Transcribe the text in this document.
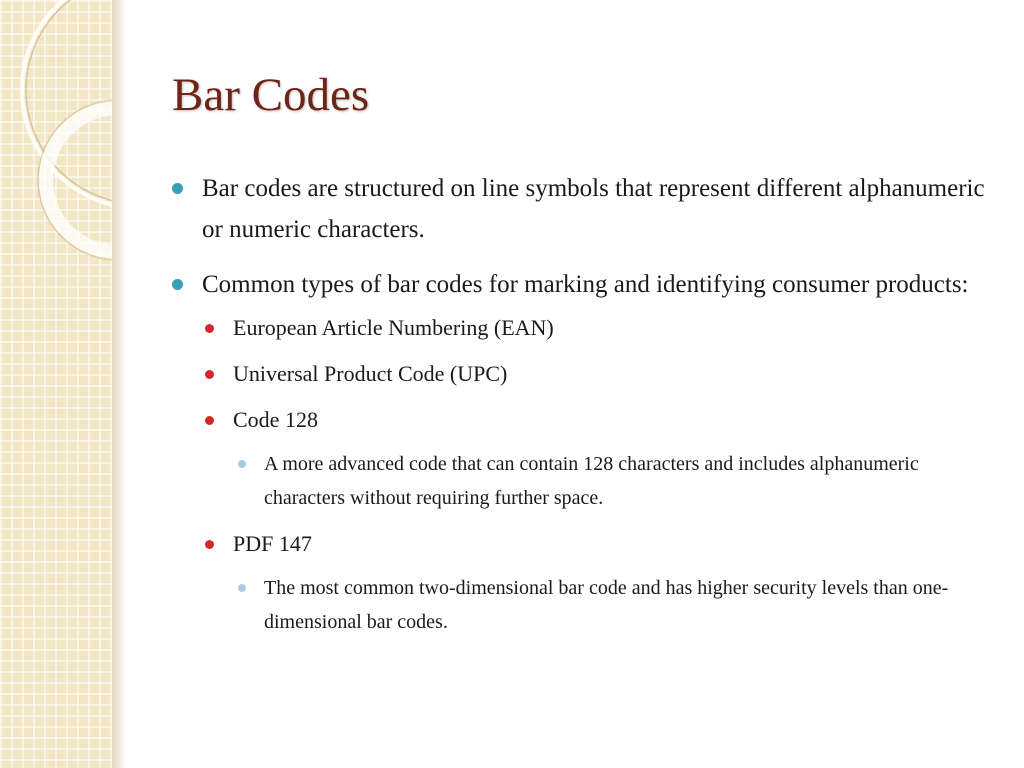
Bar Codes
Bar codes are structured on line symbols that represent different alphanumeric or numeric characters.
Common types of bar codes for marking and identifying consumer products:
European Article Numbering (EAN)
Universal Product Code (UPC)
Code 128
A more advanced code that can contain 128 characters and includes alphanumeric characters without requiring further space.
PDF 147
The most common two-dimensional bar code and has higher security levels than one-dimensional bar codes.
